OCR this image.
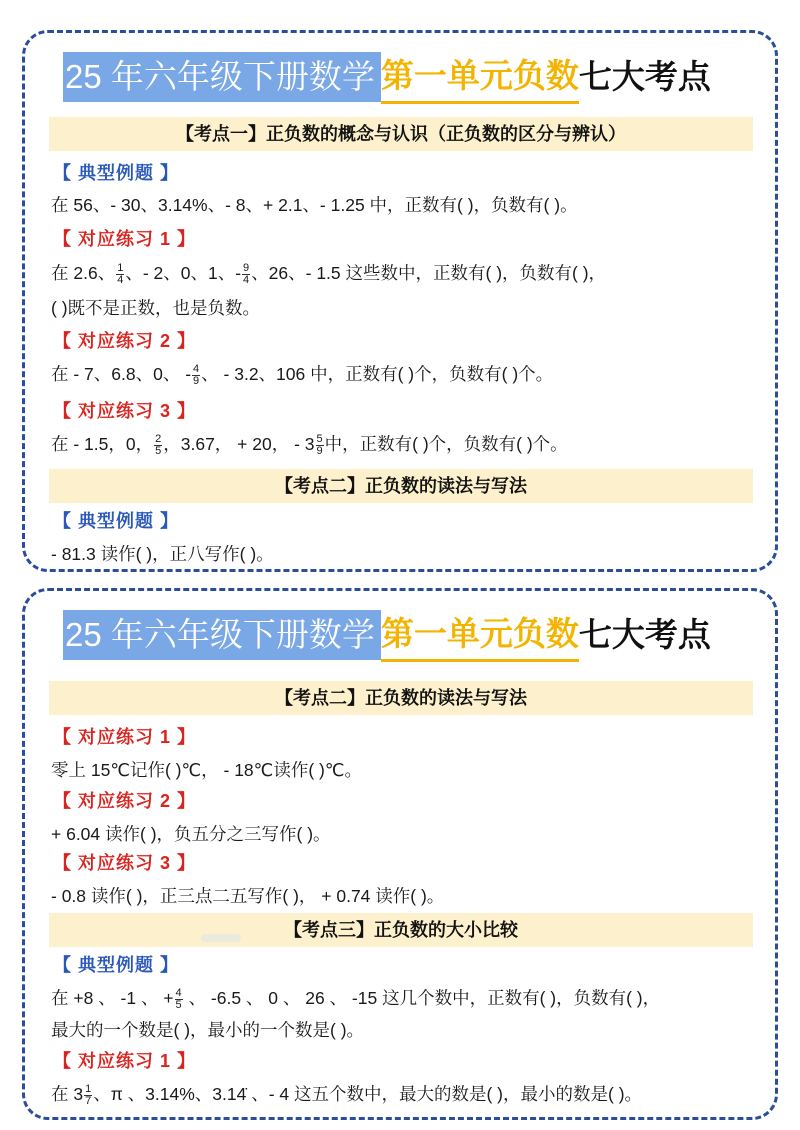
25 年六年级下册数学 第一单元负数 七大考点
【考点一】正负数的概念与认识（正负数的区分与辨认）
【 典型例题 】
在 56、- 30、3.14%、- 8、+ 2.1、- 1.25 中，正数有( )，负数有( )。
【 对应练习 1 】
在 2.6、 $\frac{1}{4}$ 、- 2、0、1、- $\frac{9}{4}$ 、26、- 1.5 这些数中，正数有( )，负数有( )，
( )既不是正数，也是负数。
【 对应练习 2 】
在 - 7、6.8、0、 - $\frac{4}{9}$ 、 - 3.2、106 中，正数有( )个，负数有( )个。
【 对应练习 3 】
在 - 1.5，0， $\frac{2}{5}$ ，3.67， + 20， - $3 \frac{5}{9}$ 中，正数有( )个，负数有( )个。
【考点二】正负数的读法与写法
【 典型例题 】
- 81.3 读作( )，正八写作( )。
25 年六年级下册数学 第一单元负数 七大考点
【考点二】正负数的读法与写法
【 对应练习 1 】
零上 15℃记作( )℃， - 18℃读作( )℃。
【 对应练习 2 】
+ 6.04 读作( )，负五分之三写作( )。
【 对应练习 3 】
- 0.8 读作( )，正三点二五写作( )， + 0.74 读作( )。
【考点三】正负数的大小比较
【 典型例题 】
在 +8 、 -1 、 + $\frac{4}{5}$ 、 -6.5 、 0 、 26 、 -15 这几个数中，正数有( )，负数有( )，
最大的一个数是( )，最小的一个数是( )。
【 对应练习 1 】
在 $3 \frac{1}{7}$ 、π 、3.14%、3.14̇ 、- 4 这五个数中，最大的数是( )，最小的数是( )。
